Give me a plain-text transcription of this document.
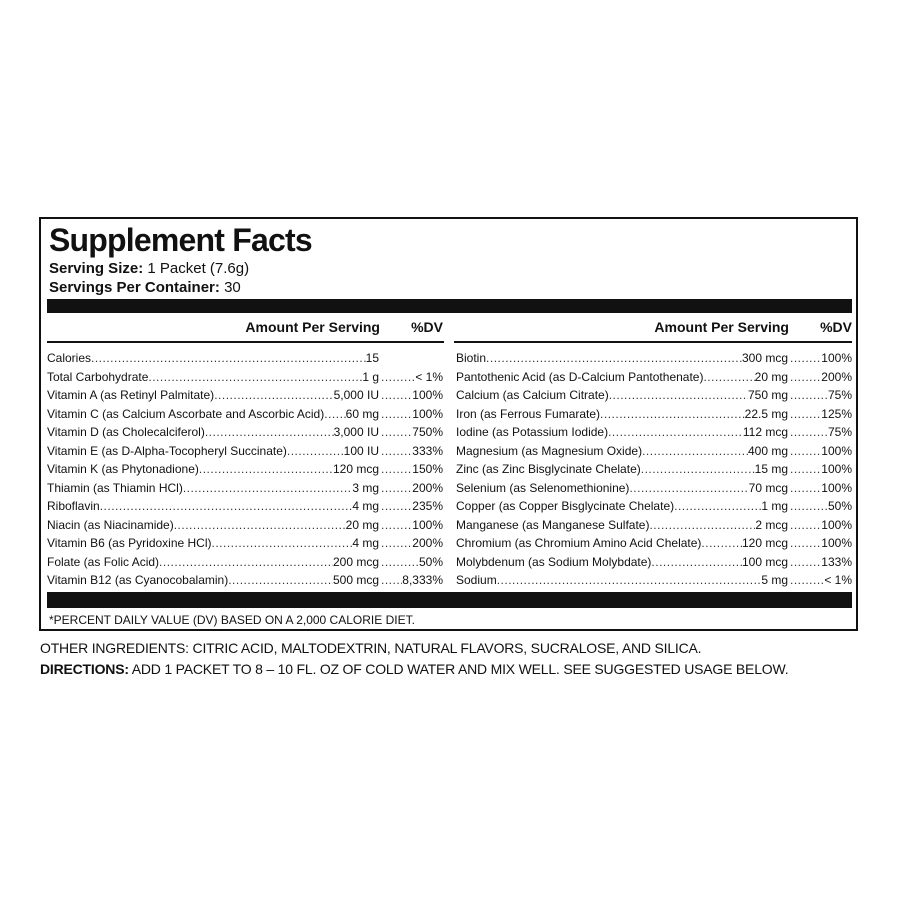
Supplement Facts
Serving Size: 1 Packet (7.6g)
Servings Per Container: 30
Amount Per Serving %DV
Calories .....	15
Total Carbohydrate .....	1 g .....	< 1%
Vitamin A (as Retinyl Palmitate) .....	5,000 IU .....	100%
Vitamin C (as Calcium Ascorbate and Ascorbic Acid) ..... 60 mg .....	100%
Vitamin D (as Cholecalciferol) .....	3,000 IU .....	750%
Vitamin E (as D-Alpha-Tocopheryl Succinate) .....	100 IU .....	333%
Vitamin K (as Phytonadione) .....	120 mcg .....	150%
Thiamin (as Thiamin HCl) .....	3 mg .....	200%
Riboflavin .....	4 mg .....	235%
Niacin (as Niacinamide) .....	20 mg .....	100%
Vitamin B6 (as Pyridoxine HCl) .....	4 mg .....	200%
Folate (as Folic Acid) .....	200 mcg .....	50%
Vitamin B12 (as Cyanocobalamin) .....	500 mcg ..... 8,333%
Amount Per Serving %DV
Biotin .....	300 mcg .....	100%
Pantothenic Acid (as D-Calcium Pantothenate) .....	20 mg .....	200%
Calcium (as Calcium Citrate) .....	750 mg .....	75%
Iron (as Ferrous Fumarate) .....	22.5 mg .....	125%
Iodine (as Potassium Iodide) .....	112 mcg .....	75%
Magnesium (as Magnesium Oxide) .....	400 mg .....	100%
Zinc (as Zinc Bisglycinate Chelate) .....	15 mg .....	100%
Selenium (as Selenomethionine) .....	70 mcg .....	100%
Copper (as Copper Bisglycinate Chelate) .....	1 mg .....	50%
Manganese (as Manganese Sulfate) .....	2 mcg .....	100%
Chromium (as Chromium Amino Acid Chelate) .....	120 mcg .....	100%
Molybdenum (as Sodium Molybdate) .....	100 mcg .....	133%
Sodium .....	5 mg .....	< 1%
*PERCENT DAILY VALUE (DV) BASED ON A 2,000 CALORIE DIET.
OTHER INGREDIENTS: CITRIC ACID, MALTODEXTRIN, NATURAL FLAVORS, SUCRALOSE, AND SILICA.
DIRECTIONS: ADD 1 PACKET TO 8 – 10 FL. OZ OF COLD WATER AND MIX WELL. SEE SUGGESTED USAGE BELOW.
